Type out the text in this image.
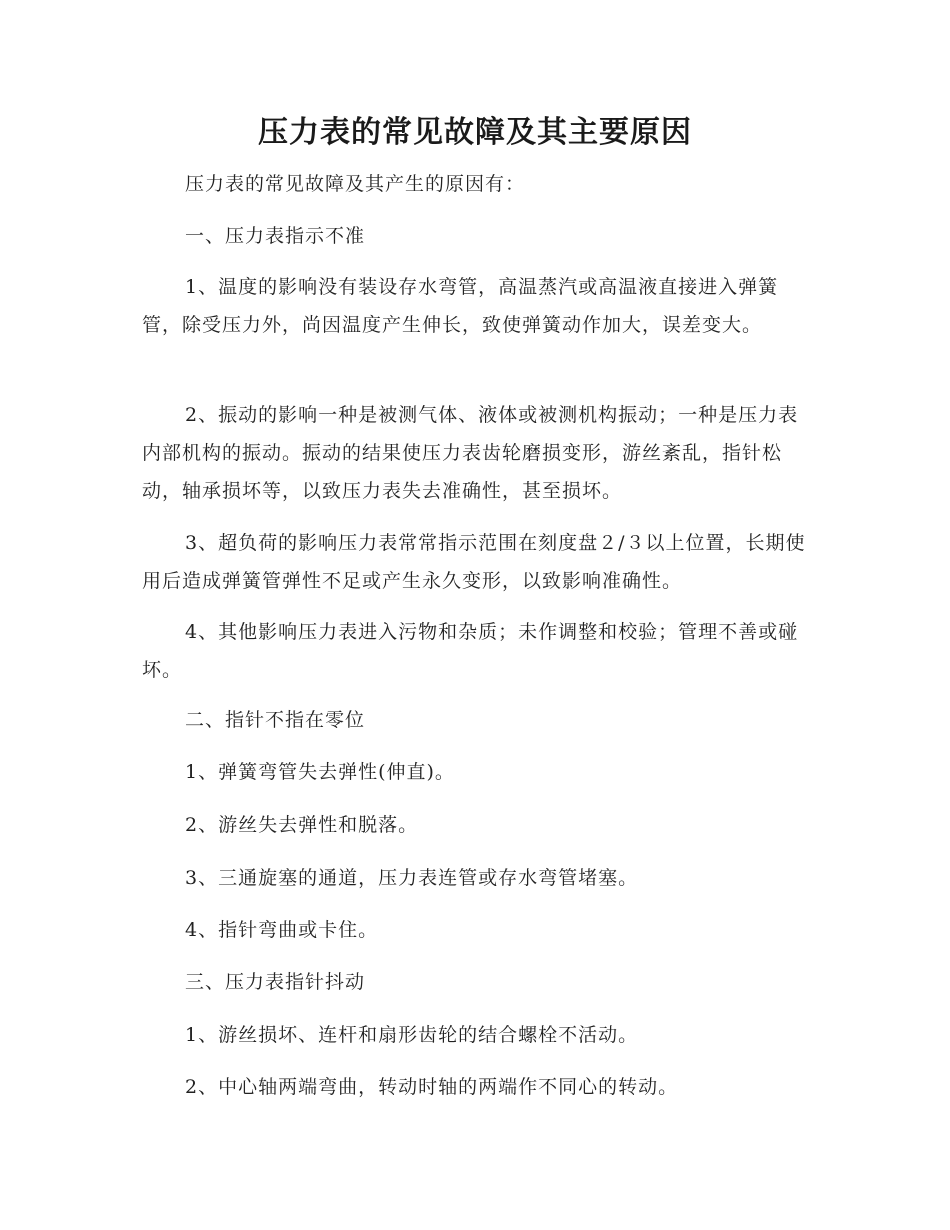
压力表的常见故障及其主要原因

压力表的常见故障及其产生的原因有：

一、压力表指示不准

1、温度的影响没有装设存水弯管，高温蒸汽或高温液直接进入弹簧管，除受压力外，尚因温度产生伸长，致使弹簧动作加大，误差变大。

2、振动的影响一种是被测气体、液体或被测机构振动；一种是压力表内部机构的振动。振动的结果使压力表齿轮磨损变形，游丝紊乱，指针松动，轴承损坏等，以致压力表失去准确性，甚至损坏。

3、超负荷的影响压力表常常指示范围在刻度盘２/３以上位置，长期使用后造成弹簧管弹性不足或产生永久变形，以致影响准确性。

4、其他影响压力表进入污物和杂质；未作调整和校验；管理不善或碰坏。

二、指针不指在零位

1、弹簧弯管失去弹性(伸直)。

2、游丝失去弹性和脱落。

3、三通旋塞的通道，压力表连管或存水弯管堵塞。

4、指针弯曲或卡住。

三、压力表指针抖动

1、游丝损坏、连杆和扇形齿轮的结合螺栓不活动。

2、中心轴两端弯曲，转动时轴的两端作不同心的转动。
